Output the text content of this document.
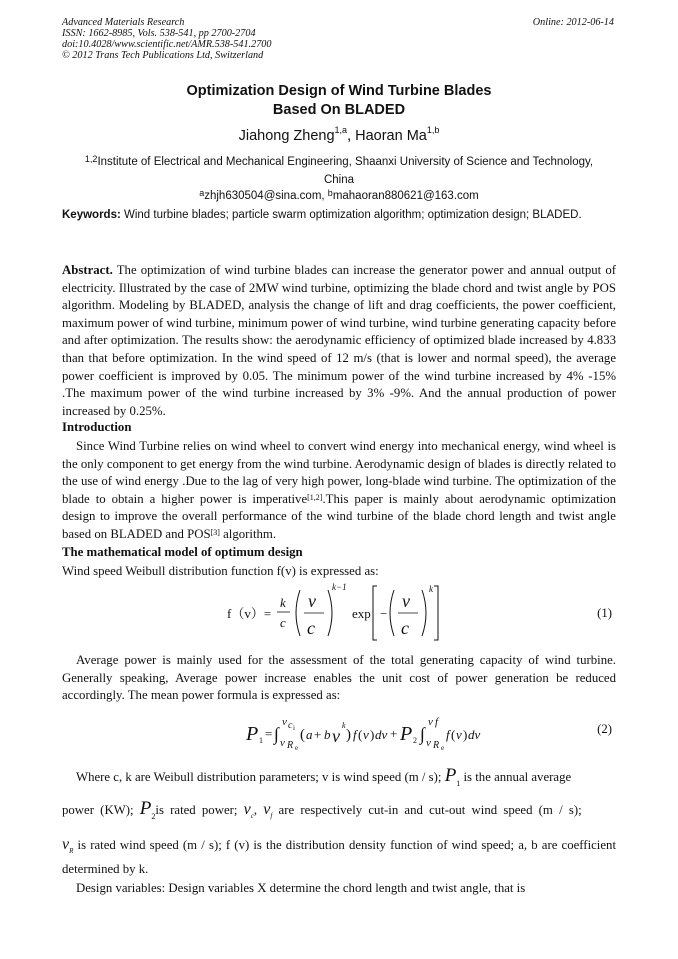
Advanced Materials Research
ISSN: 1662-8985, Vols. 538-541, pp 2700-2704
doi:10.4028/www.scientific.net/AMR.538-541.2700
© 2012 Trans Tech Publications Ltd, Switzerland
Online: 2012-06-14
Optimization Design of Wind Turbine Blades
Based On BLADED
Jiahong Zheng$^{1,a}$, Haoran Ma$^{1,b}$
$^{1,2}$Institute of Electrical and Mechanical Engineering, Shaanxi University of Science and Technology,
China
$^a$zhjh630504@sina.com, $^b$mahaoran880621@163.com
Keywords: Wind turbine blades; particle swarm optimization algorithm; optimization design; BLADED.
Abstract. The optimization of wind turbine blades can increase the generator power and annual output of electricity. Illustrated by the case of 2MW wind turbine, optimizing the blade chord and twist angle by POS algorithm. Modeling by BLADED, analysis the change of lift and drag coefficients, the power coefficient, maximum power of wind turbine, minimum power of wind turbine, wind turbine generating capacity before and after optimization. The results show: the aerodynamic efficiency of optimized blade increased by 4.833 than that before optimization. In the wind speed of 12 m/s (that is lower and normal speed), the average power coefficient is improved by 0.05. The minimum power of the wind turbine increased by 4% -15% .The maximum power of the wind turbine increased by 3% -9%. And the annual production of power increased by 0.25%.
Introduction
Since Wind Turbine relies on wind wheel to convert wind energy into mechanical energy, wind wheel is the only component to get energy from the wind turbine. Aerodynamic design of blades is directly related to the use of wind energy .Due to the lag of very high power, long-blade wind turbine. The optimization of the blade to obtain a higher power is imperative[1,2].This paper is mainly about aerodynamic optimization design to improve the overall performance of the wind turbine of the blade chord length and twist angle based on BLADED and POS[3] algorithm.
The mathematical model of optimum design
Wind speed Weibull distribution function f(v) is expressed as:
f（v）=
k
c
v
c
k−1
exp −
v
c
k
(1)
Average power is mainly used for the assessment of the total generating capacity of wind turbine. Generally speaking, Average power increase enables the unit cost of power generation be reduced accordingly. The mean power formula is expressed as:
P 1 = ∫
v c i
v R e
( a + b v
k
) f ( v ) dv + P 2 ∫
v f
v R e
f ( v ) dv	(2)
Where c, k are Weibull distribution parameters; v is wind speed (m / s); $P_1$ is the annual average
power (KW); $P_2is$ rated power; $v_c$, $v_f$ are respectively cut-in and cut-out wind speed (m / s);
$v_R$ is rated wind speed (m / s); f (v) is the distribution density function of wind speed; a, b are coefficient determined by k.
Design variables: Design variables X determine the chord length and twist angle, that is
